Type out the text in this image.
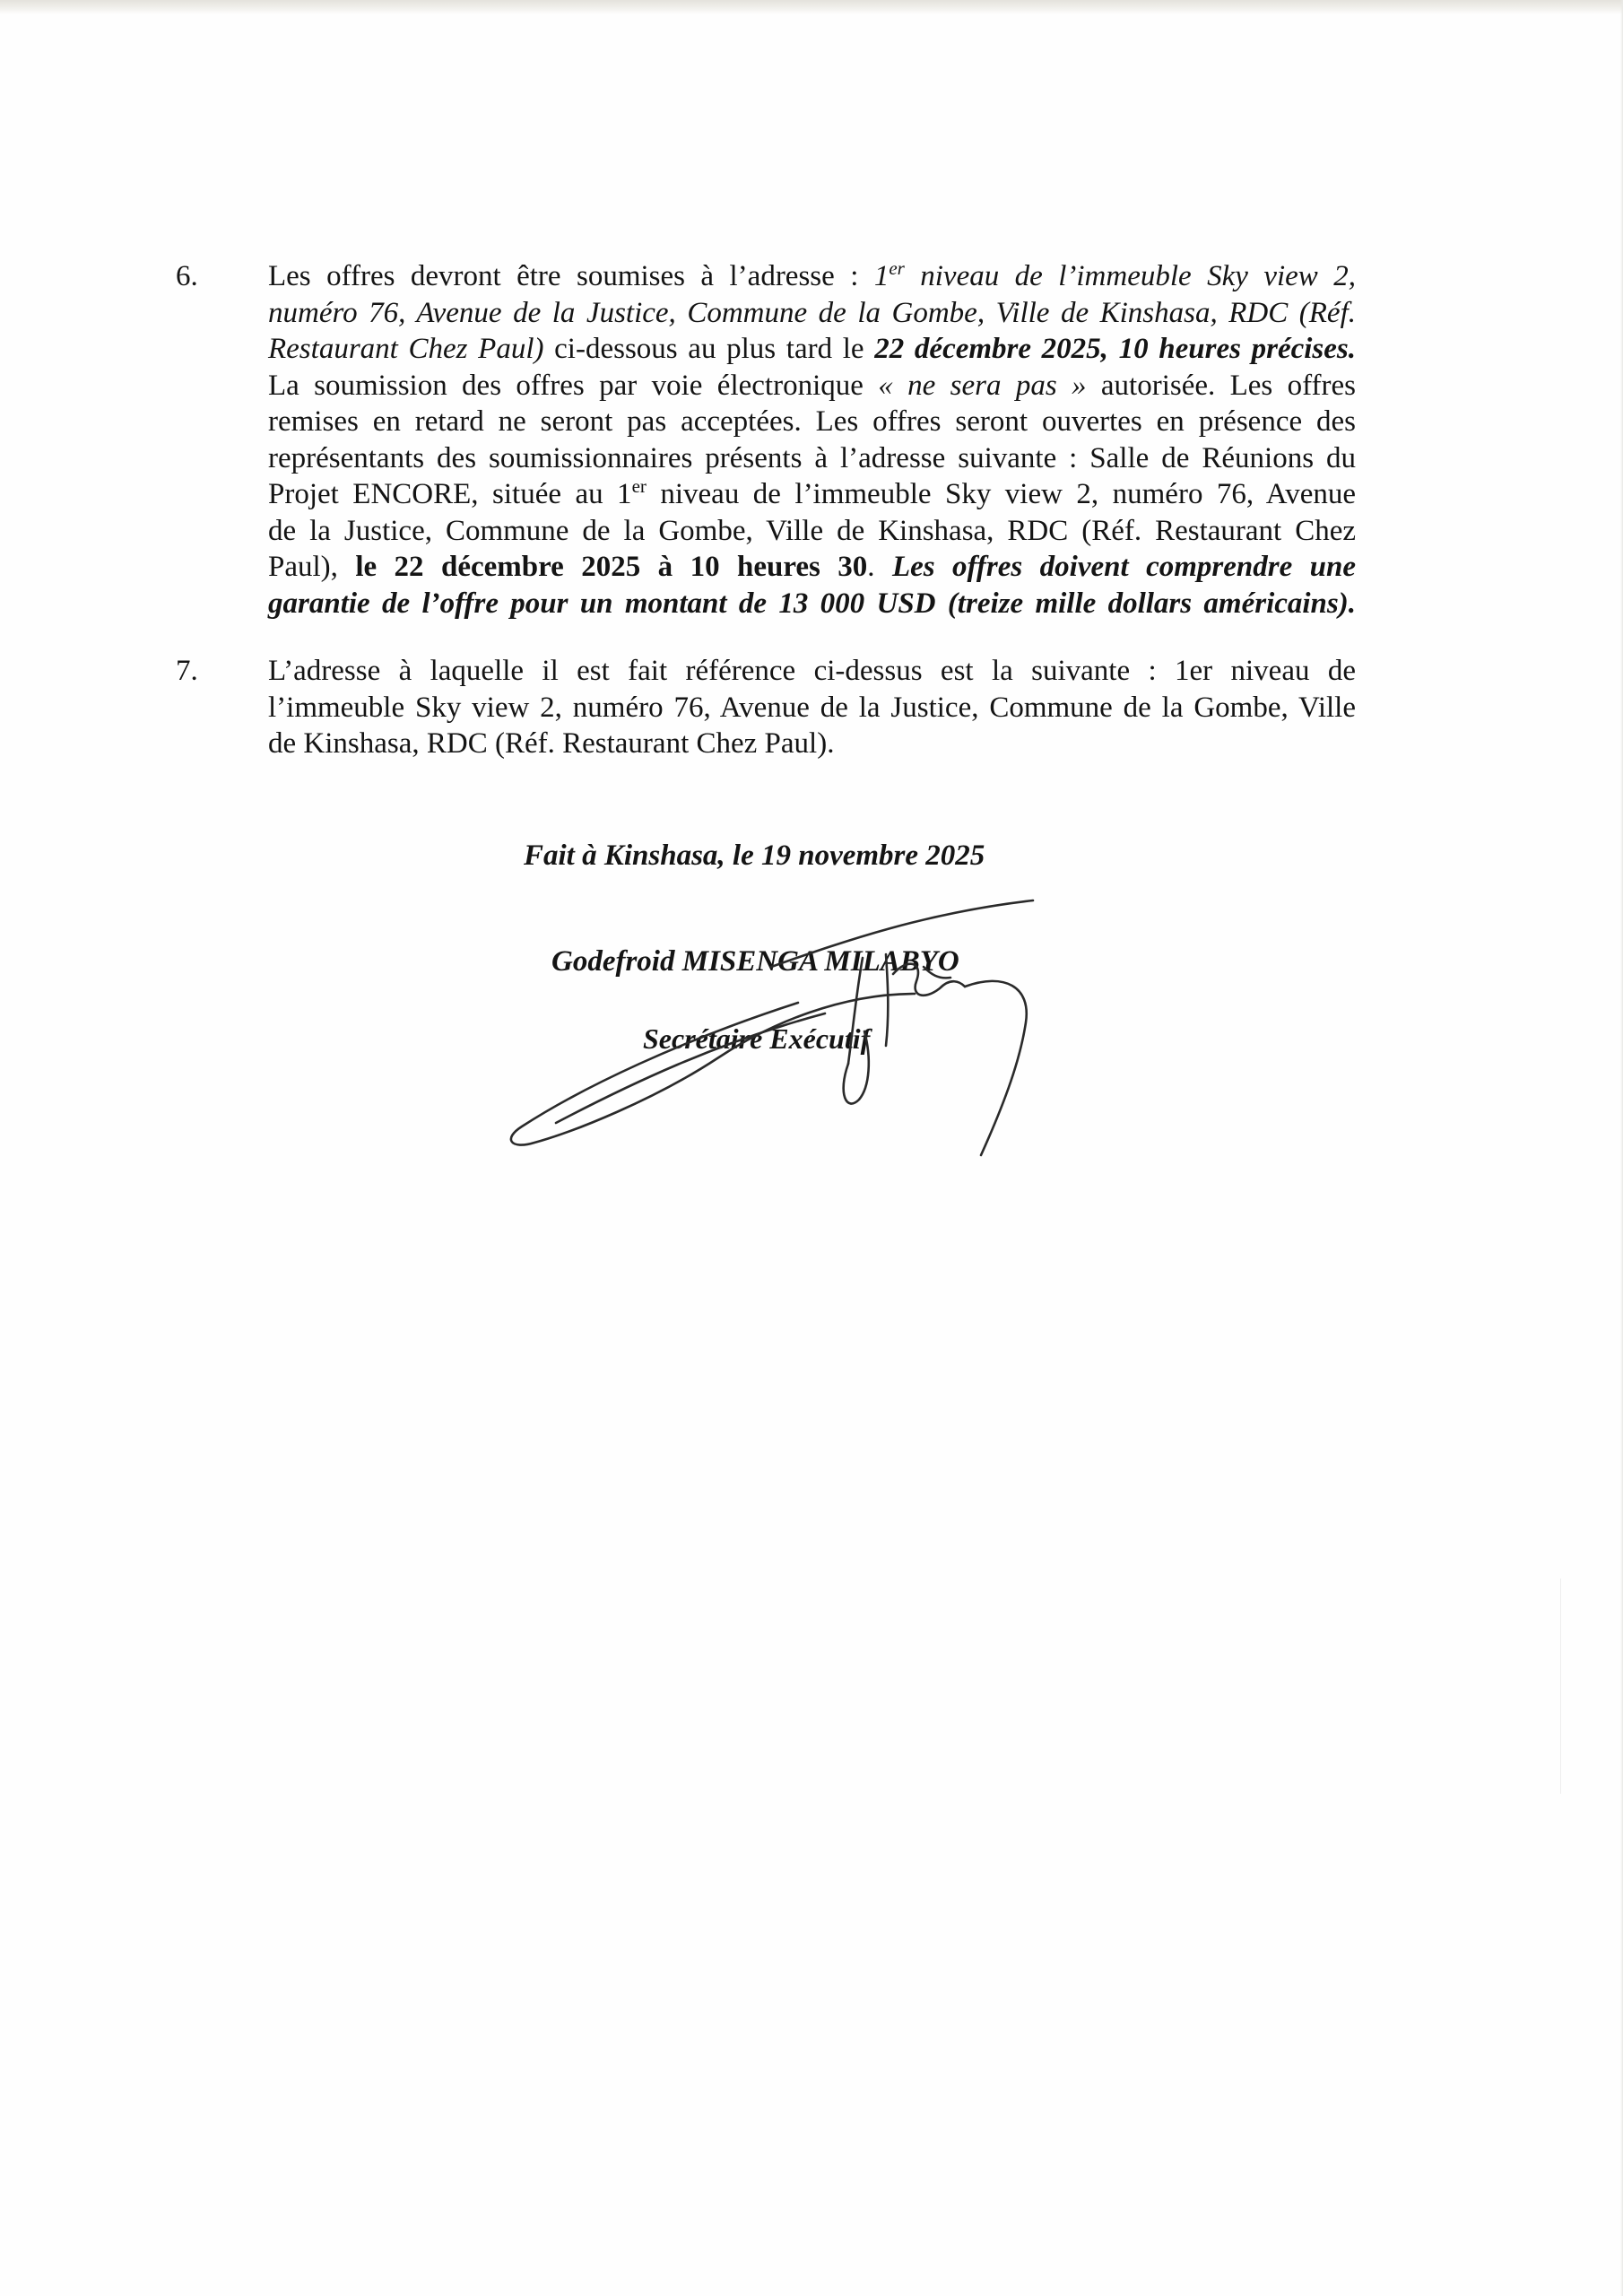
6. Les offres devront être soumises à l’adresse : 1er niveau de l’immeuble Sky view 2,
numéro 76, Avenue de la Justice, Commune de la Gombe, Ville de Kinshasa, RDC (Réf.
Restaurant Chez Paul) ci-dessous au plus tard le 22 décembre 2025, 10 heures précises.
La soumission des offres par voie électronique « ne sera pas » autorisée. Les offres
remises en retard ne seront pas acceptées. Les offres seront ouvertes en présence des
représentants des soumissionnaires présents à l’adresse suivante : Salle de Réunions du
Projet ENCORE, située au 1er niveau de l’immeuble Sky view 2, numéro 76, Avenue
de la Justice, Commune de la Gombe, Ville de Kinshasa, RDC (Réf. Restaurant Chez
Paul), le 22 décembre 2025 à 10 heures 30. Les offres doivent comprendre une
garantie de l’offre pour un montant de 13 000 USD (treize mille dollars américains).
7. L’adresse à laquelle il est fait référence ci-dessus est la suivante : 1er niveau de
l’immeuble Sky view 2, numéro 76, Avenue de la Justice, Commune de la Gombe, Ville
de Kinshasa, RDC (Réf. Restaurant Chez Paul).
Fait à Kinshasa, le 19 novembre 2025
Godefroid MISENGA MILABYO
Secrétaire Exécutif
